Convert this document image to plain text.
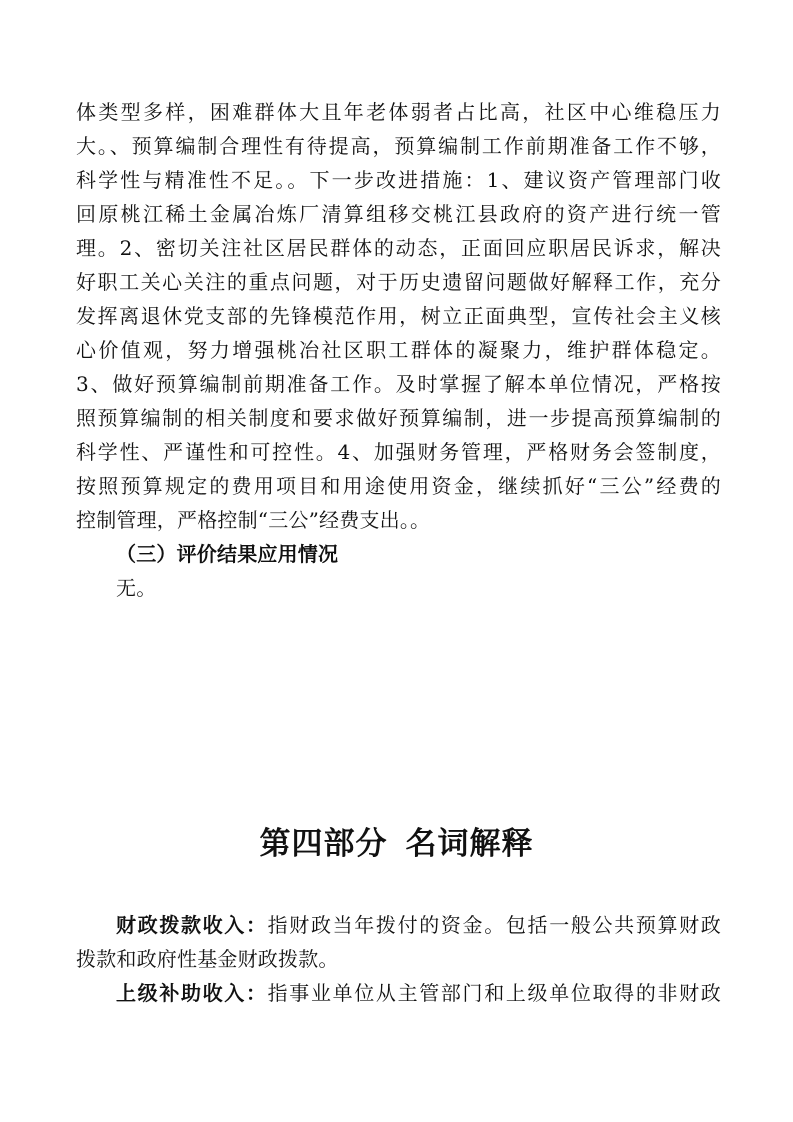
体类型多样，困难群体大且年老体弱者占比高，社区中心维稳压力
大。、预算编制合理性有待提高，预算编制工作前期准备工作不够，
科学性与精准性不足。。下一步改进措施：1、建议资产管理部门收
回原桃江稀土金属冶炼厂清算组移交桃江县政府的资产进行统一管
理。2、密切关注社区居民群体的动态，正面回应职居民诉求，解决
好职工关心关注的重点问题，对于历史遗留问题做好解释工作，充分
发挥离退休党支部的先锋模范作用，树立正面典型，宣传社会主义核
心价值观，努力增强桃冶社区职工群体的凝聚力，维护群体稳定。
3、做好预算编制前期准备工作。及时掌握了解本单位情况，严格按
照预算编制的相关制度和要求做好预算编制，进一步提高预算编制的
科学性、严谨性和可控性。4、加强财务管理，严格财务会签制度，
按照预算规定的费用项目和用途使用资金，继续抓好“三公”经费的
控制管理，严格控制“三公”经费支出。。
（三）评价结果应用情况
无。
第四部分 名词解释
财政拨款收入：指财政当年拨付的资金。包括一般公共预算财政
拨款和政府性基金财政拨款。
上级补助收入：指事业单位从主管部门和上级单位取得的非财政
